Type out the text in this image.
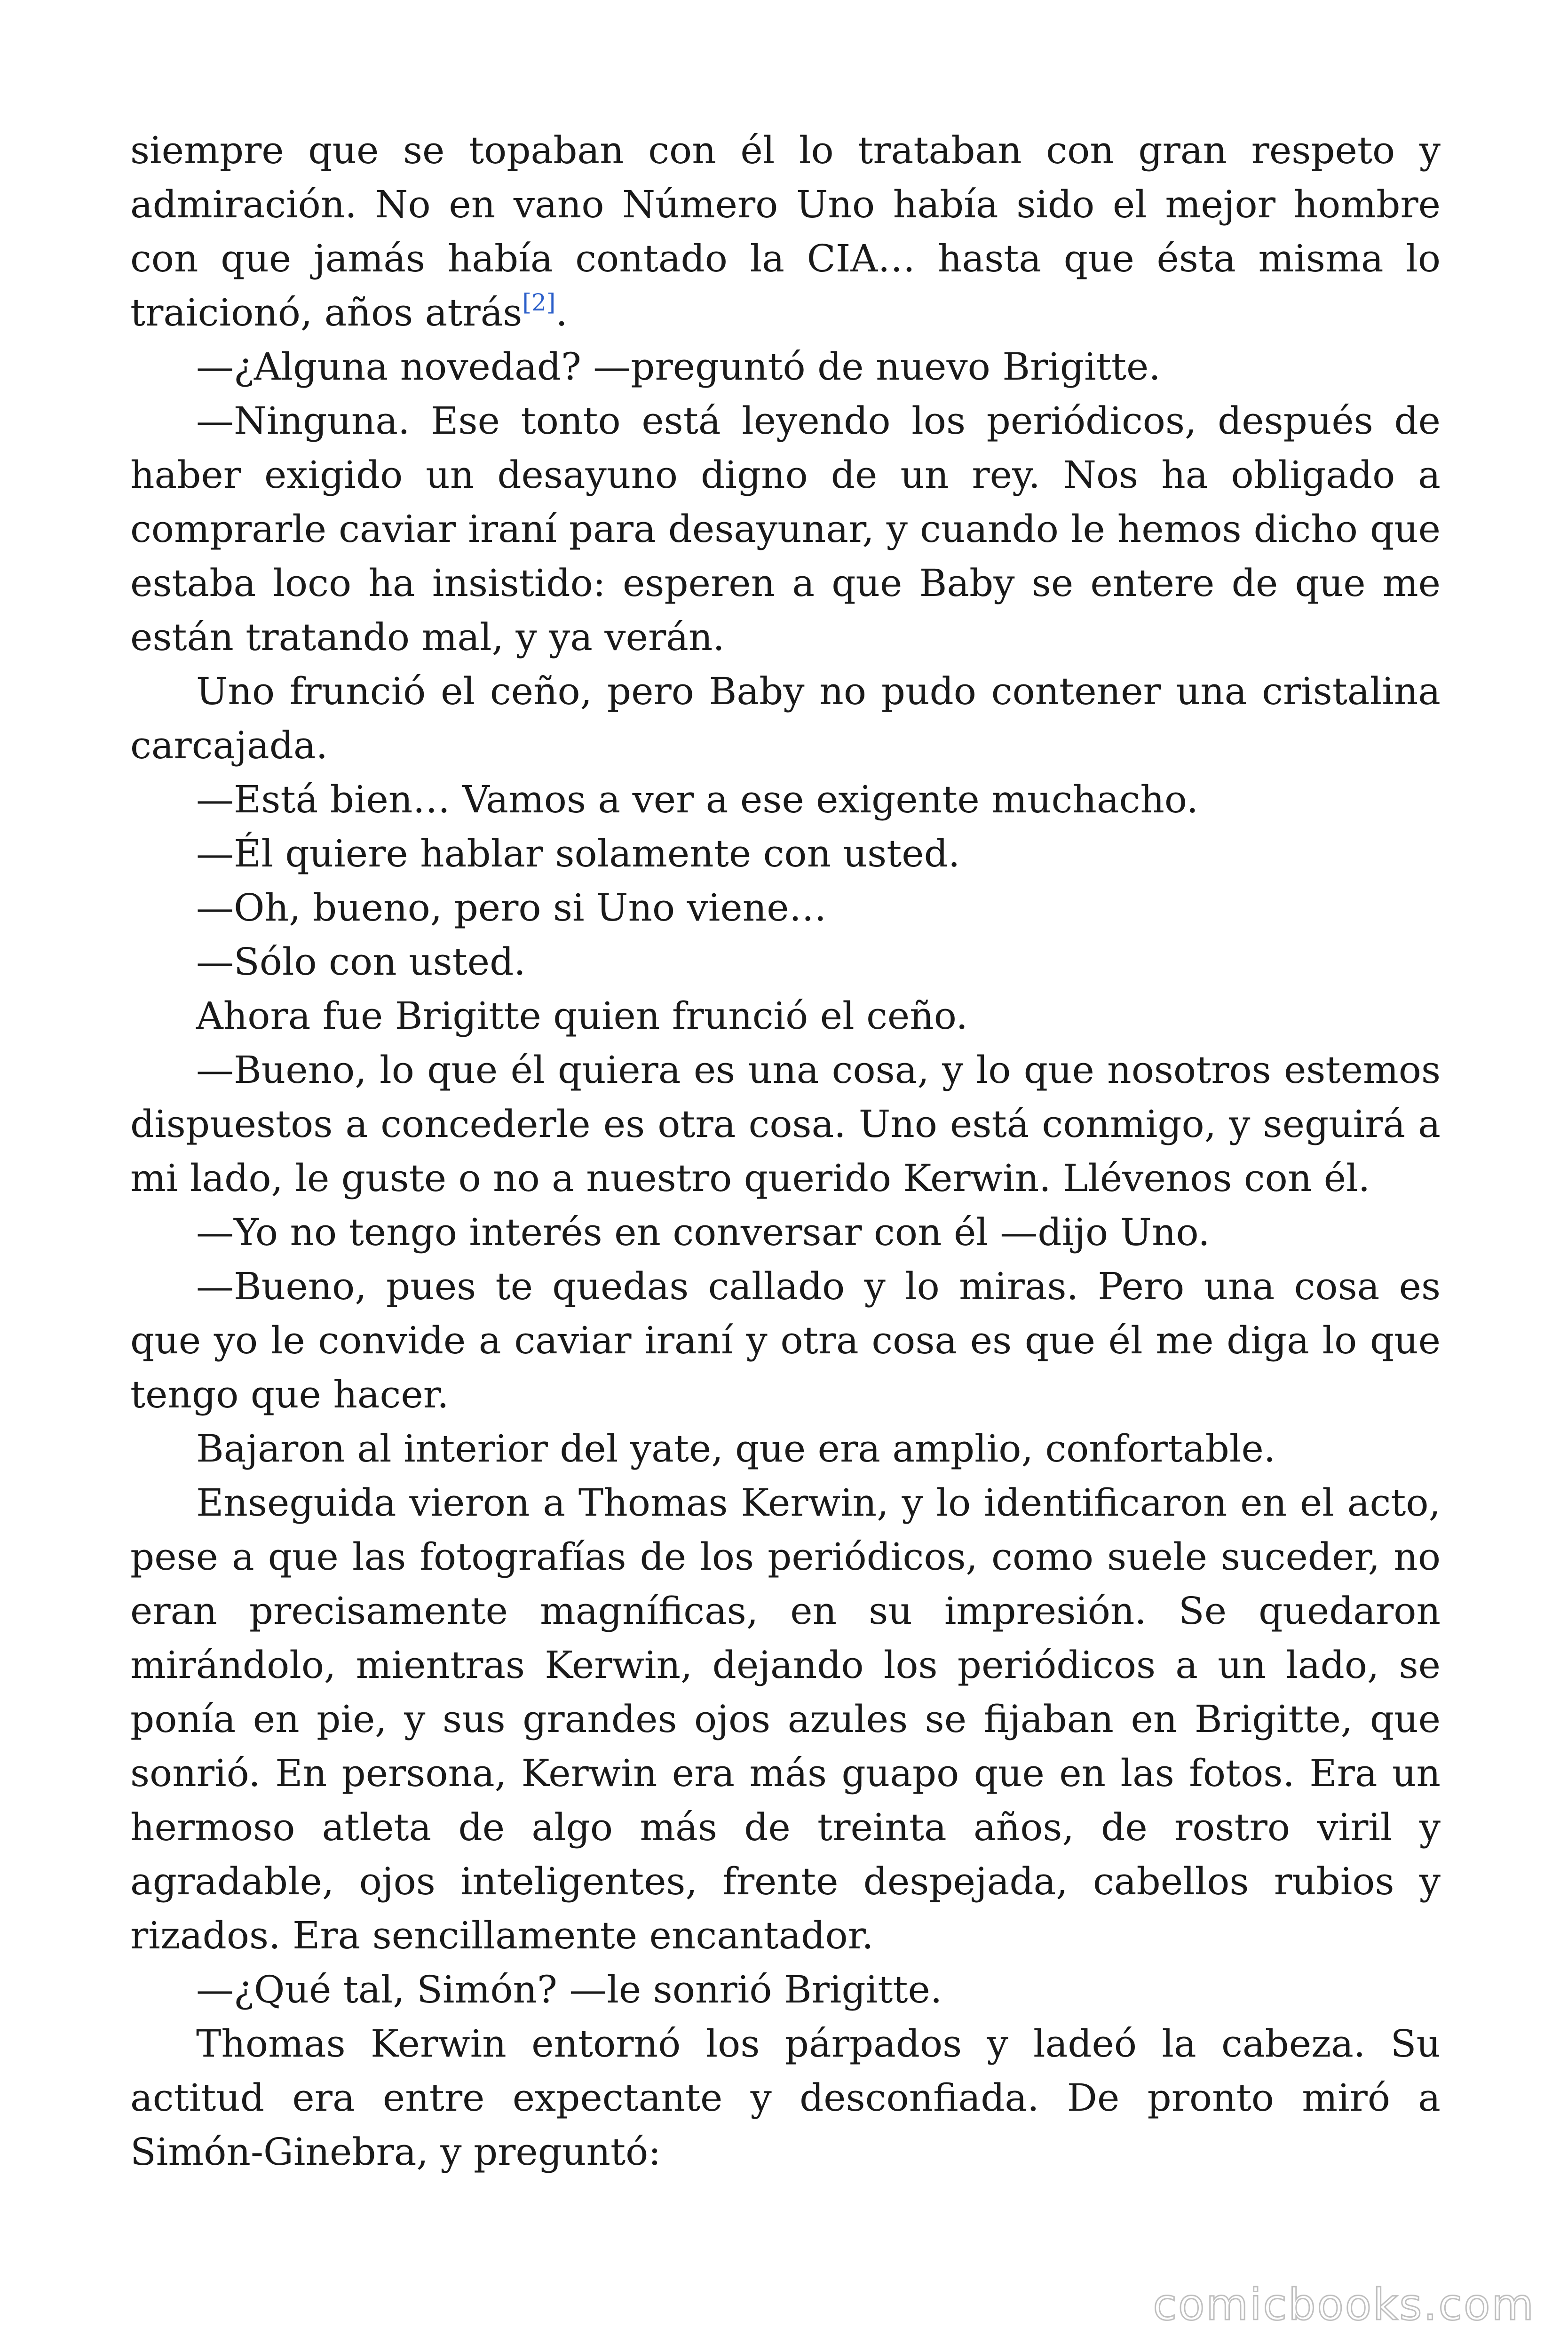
siempre que se topaban con él lo trataban con gran respeto y admiración. No en vano Número Uno había sido el mejor hombre con que jamás había contado la CIA… hasta que ésta misma lo traicionó, años atrás[2].

—¿Alguna novedad? —preguntó de nuevo Brigitte.

—Ninguna. Ese tonto está leyendo los periódicos, después de haber exigido un desayuno digno de un rey. Nos ha obligado a comprarle caviar iraní para desayunar, y cuando le hemos dicho que estaba loco ha insistido: esperen a que Baby se entere de que me están tratando mal, y ya verán.

Uno frunció el ceño, pero Baby no pudo contener una cristalina carcajada.

—Está bien… Vamos a ver a ese exigente muchacho.

—Él quiere hablar solamente con usted.

—Oh, bueno, pero si Uno viene…

—Sólo con usted.

Ahora fue Brigitte quien frunció el ceño.

—Bueno, lo que él quiera es una cosa, y lo que nosotros estemos dispuestos a concederle es otra cosa. Uno está conmigo, y seguirá a mi lado, le guste o no a nuestro querido Kerwin. Llévenos con él.

—Yo no tengo interés en conversar con él —dijo Uno.

—Bueno, pues te quedas callado y lo miras. Pero una cosa es que yo le convide a caviar iraní y otra cosa es que él me diga lo que tengo que hacer.

Bajaron al interior del yate, que era amplio, confortable.

Enseguida vieron a Thomas Kerwin, y lo identificaron en el acto, pese a que las fotografías de los periódicos, como suele suceder, no eran precisamente magníficas, en su impresión. Se quedaron mirándolo, mientras Kerwin, dejando los periódicos a un lado, se ponía en pie, y sus grandes ojos azules se fijaban en Brigitte, que sonrió. En persona, Kerwin era más guapo que en las fotos. Era un hermoso atleta de algo más de treinta años, de rostro viril y agradable, ojos inteligentes, frente despejada, cabellos rubios y rizados. Era sencillamente encantador.

—¿Qué tal, Simón? —le sonrió Brigitte.

Thomas Kerwin entornó los párpados y ladeó la cabeza. Su actitud era entre expectante y desconfiada. De pronto miró a Simón-Ginebra, y preguntó:

comicbooks.com
